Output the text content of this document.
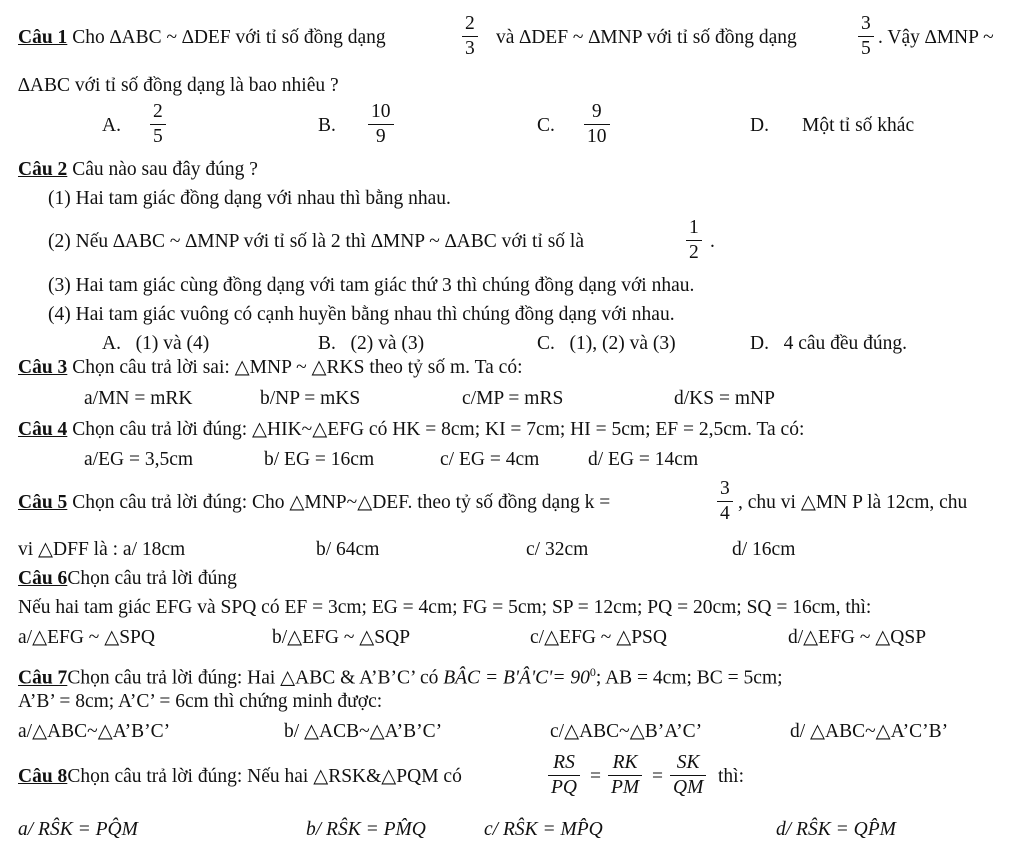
Câu 1 Cho ∆ABC ~ ∆DEF với tỉ số đồng dạng	$\frac{2}{3}$ và ∆DEF ~ ∆MNP với tỉ số đồng dạng	$\frac{3}{5}$ . Vậy ∆MNP ~
∆ABC với tỉ số đồng dạng là bao nhiêu ?
A. $\frac{2}{5}$	B. $\frac{10}{9}$	C. $\frac{9}{10}$	D. Một tỉ số khác
Câu 2 Câu nào sau đây đúng ?
(1) Hai tam giác đồng dạng với nhau thì bằng nhau.
(2) Nếu ∆ABC ~ ∆MNP với tỉ số là 2 thì ∆MNP ~ ∆ABC với tỉ số là	$\frac{1}{2}$ .
(3) Hai tam giác cùng đồng dạng với tam giác thứ 3 thì chúng đồng dạng với nhau.
(4) Hai tam giác vuông có cạnh huyền bằng nhau thì chúng đồng dạng với nhau.
A.   (1) và (4)	B.   (2) và (3)	C.   (1), (2) và (3)	D.   4 câu đều đúng.
Câu 3 Chọn câu trả lời sai: △MNP ~ △RKS theo tỷ số m. Ta có:
a/MN = mRK	b/NP = mKS	c/MP = mRS	d/KS = mNP
Câu 4 Chọn câu trả lời đúng: △HIK~△EFG có HK = 8cm; KI = 7cm; HI = 5cm; EF = 2,5cm. Ta có:
a/EG = 3,5cm	b/ EG = 16cm	c/ EG = 4cm d/ EG = 14cm
Câu 5 Chọn câu trả lời đúng: Cho △MNP~△DEF. theo tỷ số đồng dạng k =	$\frac{3}{4}$ , chu vi △MN P là 12cm, chu
vi △DFF là : a/ 18cm	b/ 64cm	c/ 32cm	d/ 16cm
Câu 6Chọn câu trả lời đúng
Nếu hai tam giác EFG và SPQ có EF = 3cm; EG = 4cm; FG = 5cm; SP = 12cm; PQ = 20cm; SQ = 16cm, thì:
a/△EFG ~ △SPQ	b/△EFG ~ △SQP	c/△EFG ~ △PSQ	d/△EFG ~ △QSP
Câu 7Chọn câu trả lời đúng: Hai △ABC & A’B’C’ có BÂC = B'Â'C'= $90^0$; AB = 4cm; BC = 5cm;
A’B’ = 8cm; A’C’ = 6cm thì chứng minh được:
a/△ABC~△A’B’C’	b/ △ACB~△A’B’C’	c/△ABC~△B’A’C’	d/ △ABC~△A’C’B’
Câu 8Chọn câu trả lời đúng: Nếu hai △RSK&△PQM có	$\frac{RS}{PQ} = \frac{RK}{PM} = \frac{SK}{QM}$ thì:
a/ RŜK = PQ̂M	b/ RŜK = PM̂Q	c/ RŜK = MP̂Q	d/ RŜK = QP̂M
